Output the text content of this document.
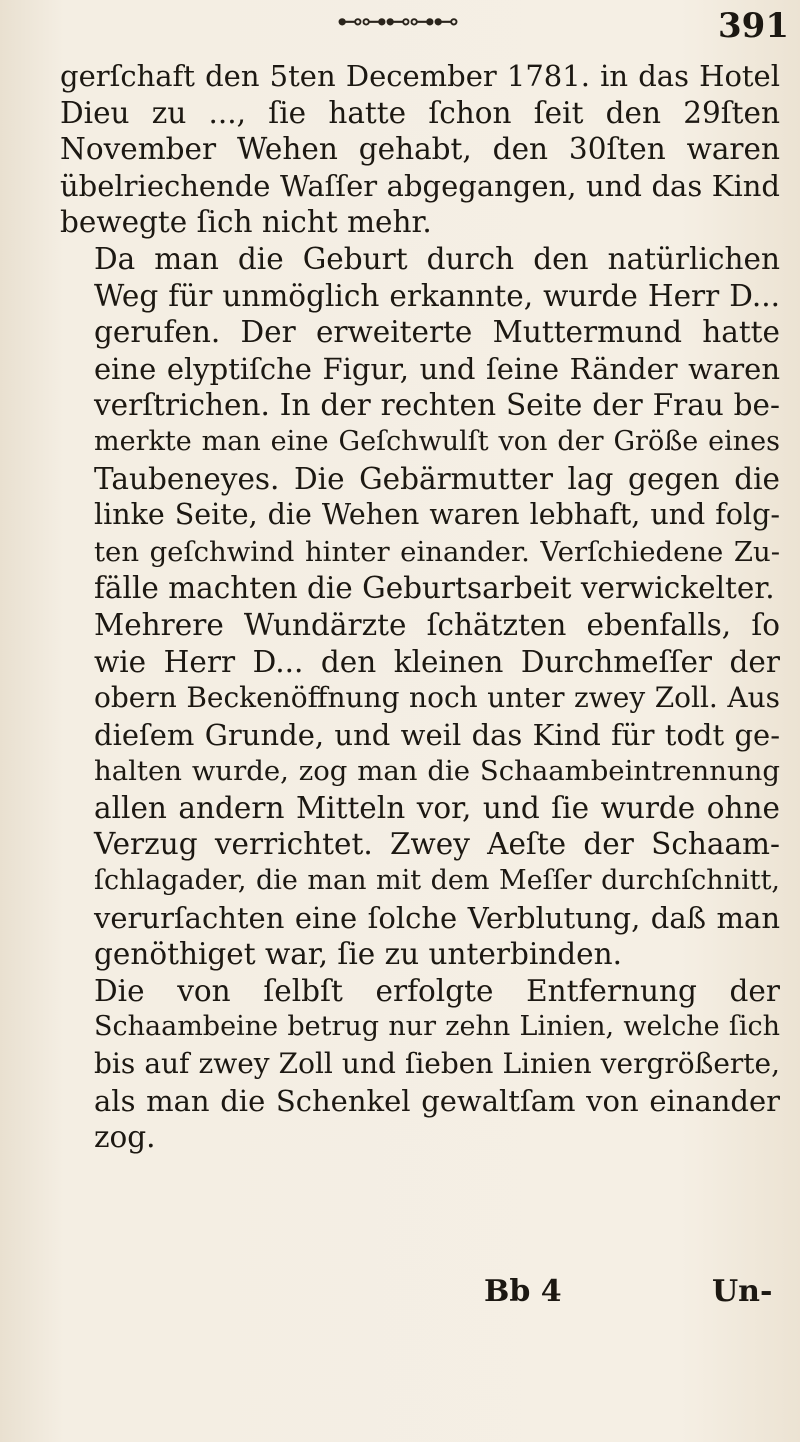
⊷⊶⊷⊶⊷	391

gerſchaft den 5ten December 1781. in das Hotel
Dieu zu ..., ſie hatte ſchon ſeit den 29ſten
November Wehen gehabt, den 30ſten waren
übelriechende Waſſer abgegangen, und das Kind
bewegte ſich nicht mehr.

Da man die Geburt durch den natürlichen
Weg für unmöglich erkannte, wurde Herr D...
gerufen. Der erweiterte Muttermund hatte
eine elyptiſche Figur, und ſeine Ränder waren
verſtrichen. In der rechten Seite der Frau be-
merkte man eine Geſchwulſt von der Größe eines
Taubeneyes. Die Gebärmutter lag gegen die
linke Seite, die Wehen waren lebhaft, und folg-
ten geſchwind hinter einander. Verſchiedene Zu-
fälle machten die Geburtsarbeit verwickelter.

Mehrere Wundärzte ſchätzten ebenfalls, ſo
wie Herr D... den kleinen Durchmeſſer der
obern Beckenöffnung noch unter zwey Zoll. Aus
dieſem Grunde, und weil das Kind für todt ge-
halten wurde, zog man die Schaambeintrennung
allen andern Mitteln vor, und ſie wurde ohne
Verzug verrichtet. Zwey Aeſte der Schaam-
ſchlagader, die man mit dem Meſſer durchſchnitt,
verurſachten eine ſolche Verblutung, daß man
genöthiget war, ſie zu unterbinden.

Die von ſelbſt erfolgte Entfernung der
Schaambeine betrug nur zehn Linien, welche ſich
bis auf zwey Zoll und ſieben Linien vergrößerte,
als man die Schenkel gewaltſam von einander
zog.

Bb 4	Un-
